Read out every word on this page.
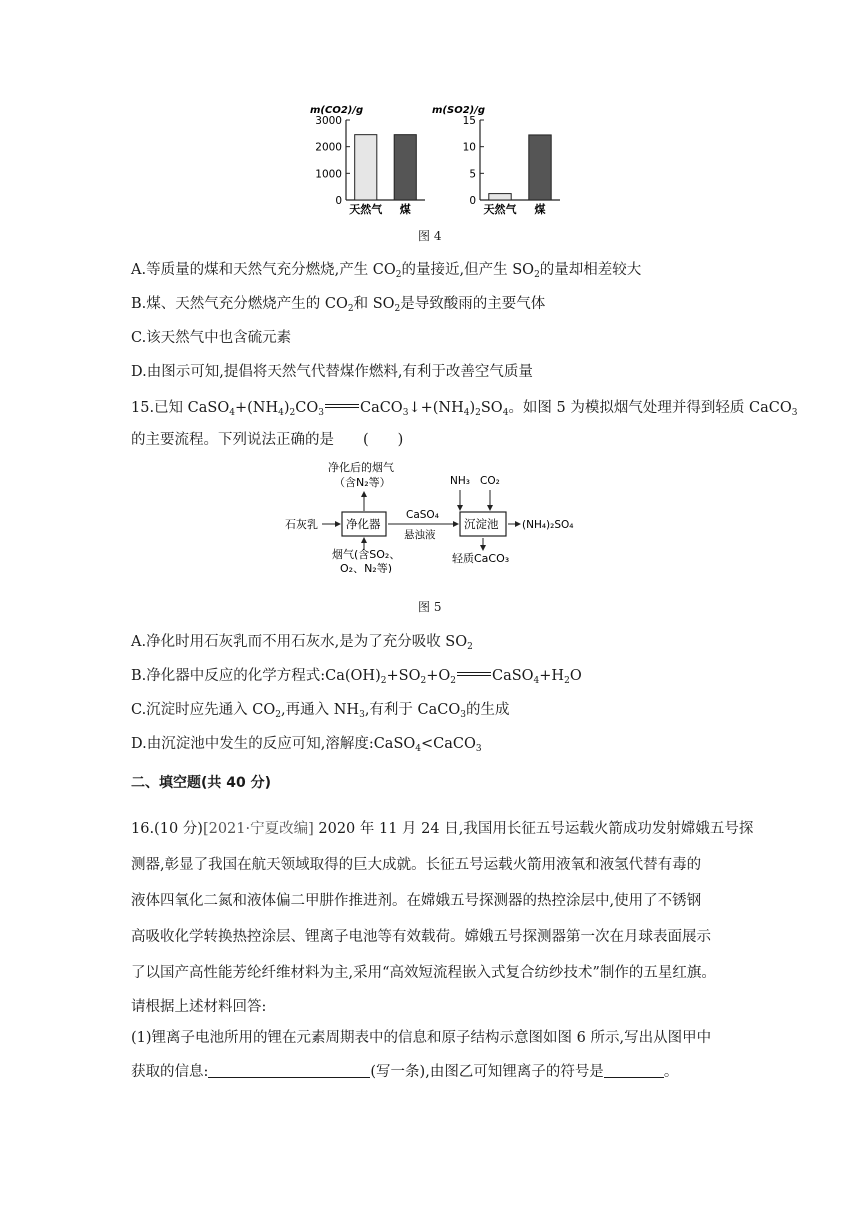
m(CO2)/g
0
1000
2000
3000
天然气 煤
m(SO2)/g
0
5
10
15
天然气 煤
图 4
A.等质量的煤和天然气充分燃烧,产生 $CO_2$的量接近,但产生 $SO_2$的量却相差较大
B.煤、天然气充分燃烧产生的 $CO_2$和 $SO_2$是导致酸雨的主要气体
C.该天然气中也含硫元素
D.由图示可知,提倡将天然气代替煤作燃料,有利于改善空气质量
15.已知 $CaSO_4+(NH_4)_2CO_3$ $CaCO_3↓+(NH_4)_2SO_4$。如图 5 为模拟烟气处理并得到轻质 CaCO$_3$
的主要流程。下列说法正确的是　　(　　)
净化后的烟气
（含N₂等）
石灰乳 净化器
烟气(含SO₂、
O₂、N₂等)
CaSO₄
悬浊液
NH₃ CO₂
沉淀池 (NH₄)₂SO₄
轻质CaCO₃
图 5
A.净化时用石灰乳而不用石灰水,是为了充分吸收 $SO_2$
B.净化器中反应的化学方程式$:Ca(OH)_2+SO_2+O_2$ $CaSO_4+H_2O$
C.沉淀时应先通入 $CO_2$,再通入 $NH_3$,有利于 CaCO$_3$的生成
D.由沉淀池中发生的反应可知,溶解度:CaSO$_4$<CaCO$_3$
二、填空题(共 40 分)
16.(10 分)[2021·宁夏改编] 2020 年 11 月 24 日,我国用长征五号运载火箭成功发射嫦娥五号探
测器,彰显了我国在航天领域取得的巨大成就。长征五号运载火箭用液氧和液氢代替有毒的
液体四氧化二氮和液体偏二甲肼作推进剂。在嫦娥五号探测器的热控涂层中,使用了不锈钢
高吸收化学转换热控涂层、锂离子电池等有效载荷。嫦娥五号探测器第一次在月球表面展示
了以国产高性能芳纶纤维材料为主,采用“高效短流程嵌入式复合纺纱技术”制作的五星红旗。
请根据上述材料回答:
(1)锂离子电池所用的锂在元素周期表中的信息和原子结构示意图如图 6 所示,写出从图甲中
获取的信息:	(写一条),由图乙可知锂离子的符号是	。
